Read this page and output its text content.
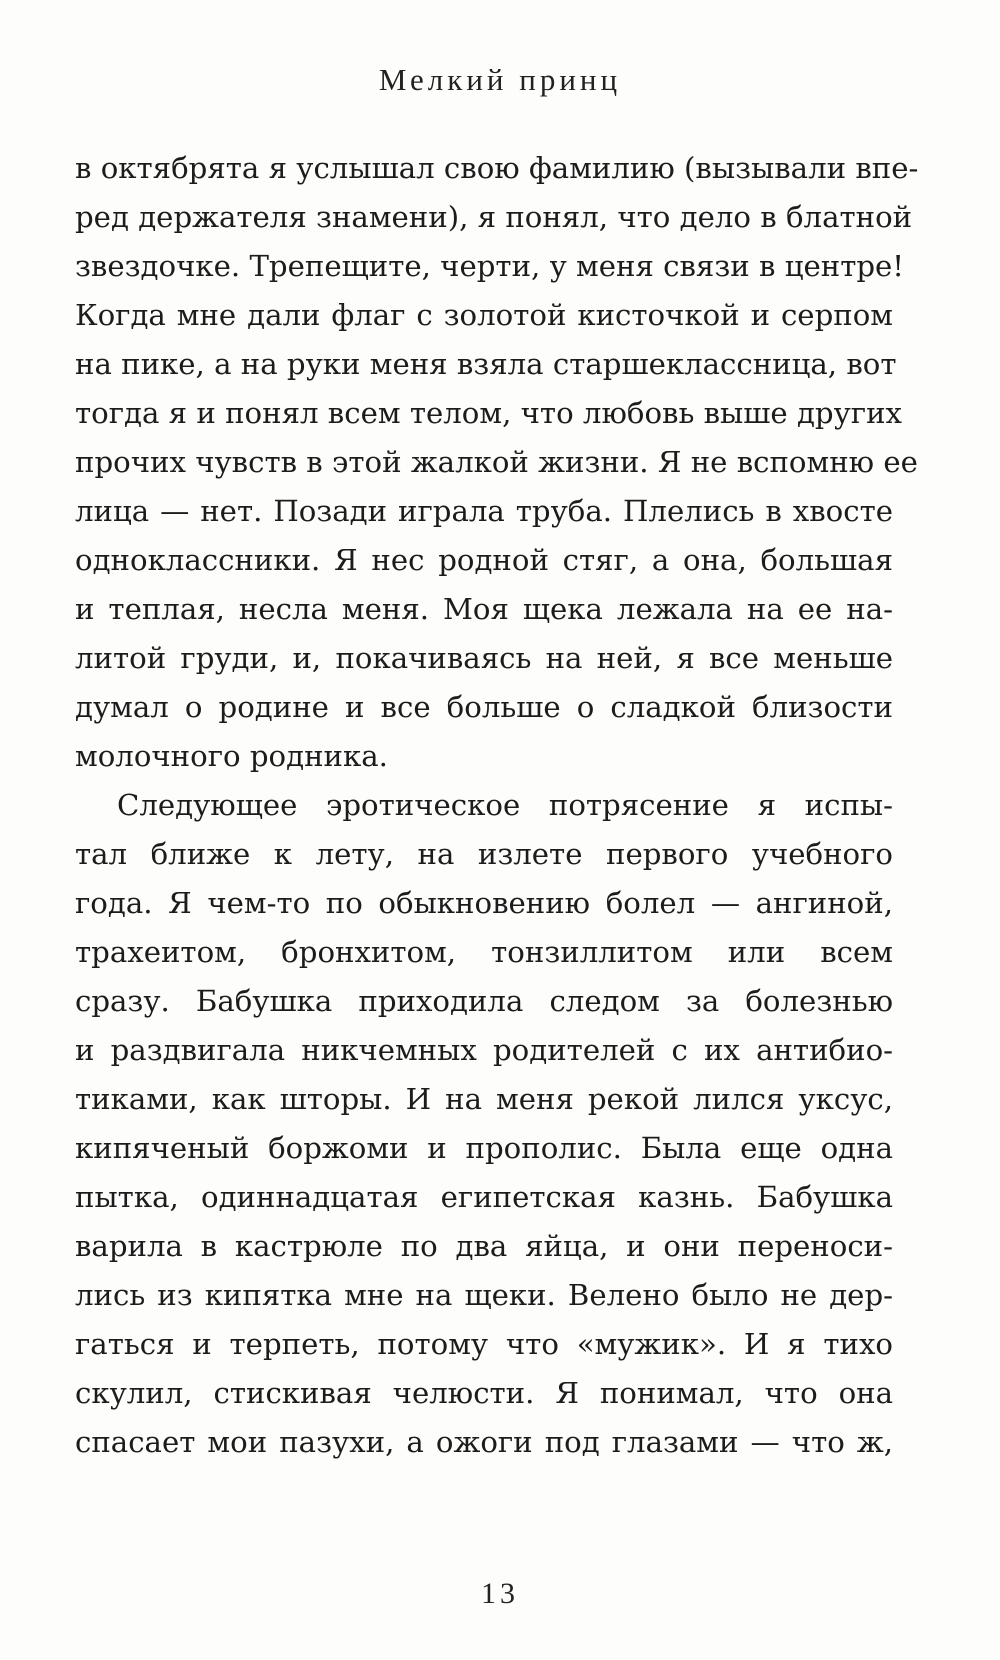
Мелкий принц
в октябрята я услышал свою фамилию (вызывали впе-
ред держателя знамени), я понял, что дело в блатной
звездочке. Трепещите, черти, у меня связи в центре!
Когда мне дали флаг с золотой кисточкой и серпом
на пике, а на руки меня взяла старшеклассница, вот
тогда я и понял всем телом, что любовь выше других
прочих чувств в этой жалкой жизни. Я не вспомню ее
лица — нет. Позади играла труба. Плелись в хвосте
одноклассники. Я нес родной стяг, а она, большая
и теплая, несла меня. Моя щека лежала на ее на-
литой груди, и, покачиваясь на ней, я все меньше
думал о родине и все больше о сладкой близости
молочного родника.
Следующее эротическое потрясение я испы-
тал ближе к лету, на излете первого учебного
года. Я чем-то по обыкновению болел — ангиной,
трахеитом, бронхитом, тонзиллитом или всем
сразу. Бабушка приходила следом за болезнью
и раздвигала никчемных родителей с их антибио-
тиками, как шторы. И на меня рекой лился уксус,
кипяченый боржоми и прополис. Была еще одна
пытка, одиннадцатая египетская казнь. Бабушка
варила в кастрюле по два яйца, и они переноси-
лись из кипятка мне на щеки. Велено было не дер-
гаться и терпеть, потому что «мужик». И я тихо
скулил, стискивая челюсти. Я понимал, что она
спасает мои пазухи, а ожоги под глазами — что ж,
13
